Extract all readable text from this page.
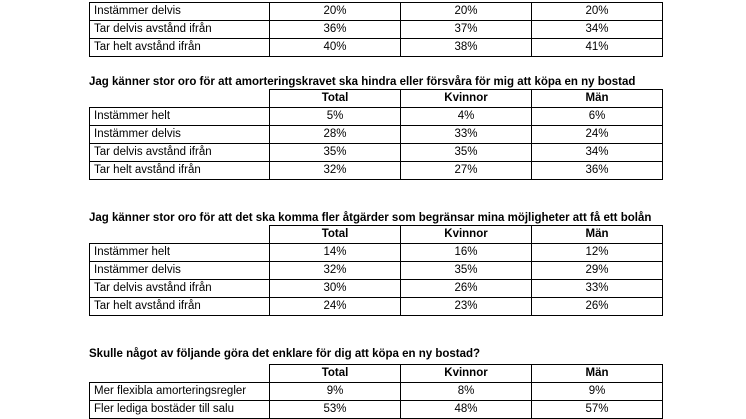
Instämmer delvis	20%	20%	20%
Tar delvis avstånd ifrån	36%	37%	34%
Tar helt avstånd ifrån	40%	38%	41%

Jag känner stor oro för att amorteringskravet ska hindra eller försvåra för mig att köpa en ny bostad

	Total	Kvinnor	Män
Instämmer helt	5%	4%	6%
Instämmer delvis	28%	33%	24%
Tar delvis avstånd ifrån	35%	35%	34%
Tar helt avstånd ifrån	32%	27%	36%

Jag känner stor oro för att det ska komma fler åtgärder som begränsar mina möjligheter att få ett bolån

	Total	Kvinnor	Män
Instämmer helt	14%	16%	12%
Instämmer delvis	32%	35%	29%
Tar delvis avstånd ifrån	30%	26%	33%
Tar helt avstånd ifrån	24%	23%	26%

Skulle något av följande göra det enklare för dig att köpa en ny bostad?

	Total	Kvinnor	Män
Mer flexibla amorteringsregler	9%	8%	9%
Fler lediga bostäder till salu	53%	48%	57%
